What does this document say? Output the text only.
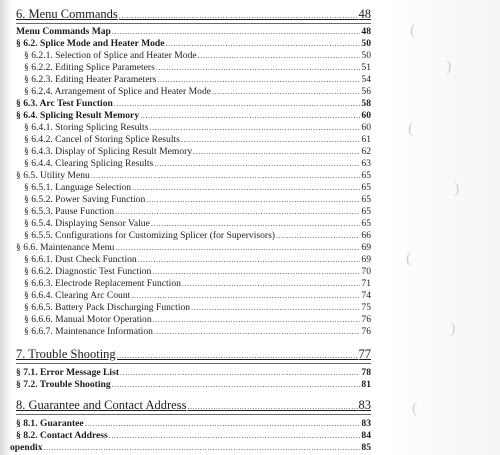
(
)
(
)
(
)
(
6. Menu Commands .....	48
Menu Commands Map .....	48
§ 6.2. Splice Mode and Heater Mode .....	50
§ 6.2.1. Selection of Splice and Heater Mode .....	50
§ 6.2.2. Editing Splice Parameters .....	51
§ 6.2.3. Editing Heater Parameters .....	54
§ 6.2.4. Arrangement of Splice and Heater Mode .....	56
§ 6.3. Arc Test Function .....	58
§ 6.4. Splicing Result Memory .....	60
§ 6.4.1. Storing Splicing Results .....	60
§ 6.4.2. Cancel of Storing Splice Results .....	61
§ 6.4.3. Display of Splicing Result Memory .....	62
§ 6.4.4. Clearing Splicing Results .....	63
§ 6.5. Utility Menu .....	65
§ 6.5.1. Language Selection .....	65
§ 6.5.2. Power Saving Function .....	65
§ 6.5.3. Pause Function .....	65
§ 6.5.4. Displaying Sensor Value .....	65
§ 6.5.5. Configurations for Customizing Splicer (for Supervisors) .....	66
§ 6.6. Maintenance Menu .....	69
§ 6.6.1. Dust Check Function .....	69
§ 6.6.2. Diagnostic Test Function .....	70
§ 6.6.3. Electrode Replacement Function .....	71
§ 6.6.4. Clearing Arc Count .....	74
§ 6.6.5. Battery Pack Discharging Function .....	75
§ 6.6.6. Manual Motor Operation .....	76
§ 6.6.7. Maintenance Information .....	76
7. Trouble Shooting .....	77
§ 7.1. Error Message List .....	78
§ 7.2. Trouble Shooting .....	81
8. Guarantee and Contact Address .....	83
§ 8.1. Guarantee .....	83
§ 8.2. Contact Address .....	84
opendix .....	85
